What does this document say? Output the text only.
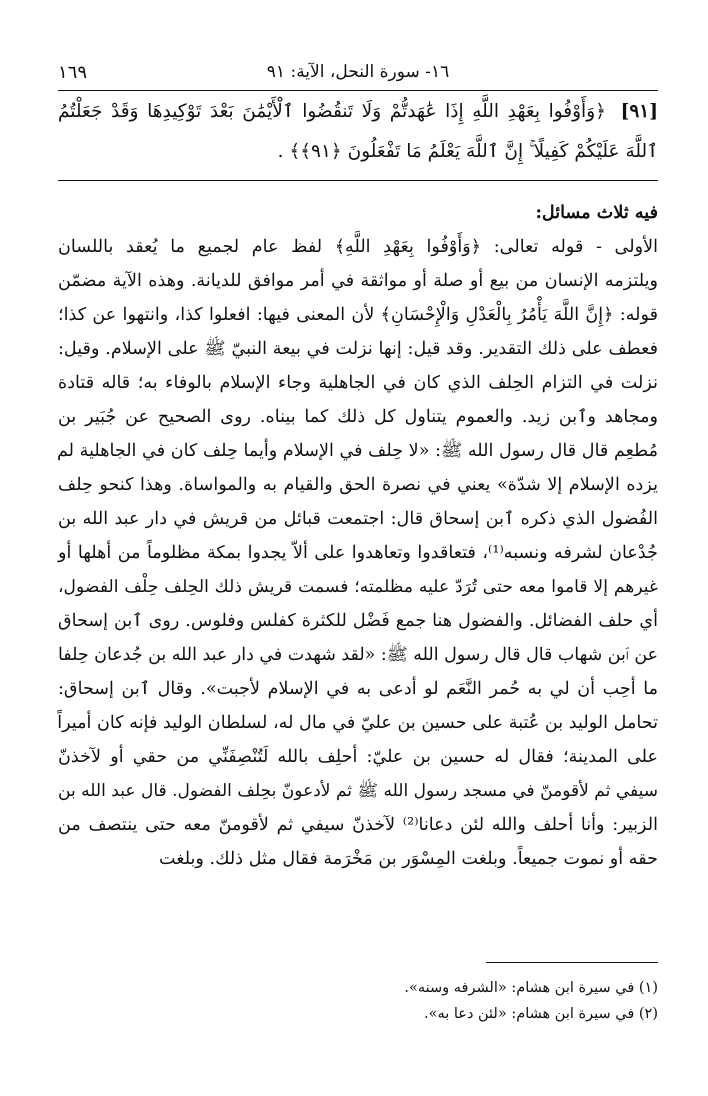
١٦- سورة النحل، الآية: ٩١
١٦٩
[٩١] ﴿وَأَوْفُوا بِعَهْدِ اللَّهِ إِذَا عَٰهَدتُّمْ وَلَا تَنقُضُوا ٱلْأَيْمَٰنَ بَعْدَ تَوْكِيدِهَا وَقَدْ جَعَلْتُمُ ٱللَّهَ عَلَيْكُمْ كَفِيلًا ۚ إِنَّ ٱللَّهَ يَعْلَمُ مَا تَفْعَلُونَ ﴿٩١﴾﴾ .
فيه ثلاث مسائل:
الأولى - قوله تعالى: ﴿وَأَوْفُوا بِعَهْدِ اللَّهِ﴾ لفظ عام لجميع ما يُعقد باللسان
ويلتزمه الإنسان من بيع أو صلة أو مواثقة في أمر موافق للديانة. وهذه الآية مضمّن
قوله: ﴿إِنَّ اللَّهَ يَأْمُرُ بِالْعَدْلِ وَالْإِحْسَانِ﴾ لأن المعنى فيها: افعلوا كذا، وانتهوا عن كذا؛
فعطف على ذلك التقدير. وقد قيل: إنها نزلت في بيعة النبيّ ﷺ على الإسلام. وقيل:
نزلت في التزام الحِلف الذي كان في الجاهلية وجاء الإسلام بالوفاء به؛ قاله قتادة
ومجاهد وٱبن زيد. والعموم يتناول كل ذلك كما بيناه. روى الصحيح عن جُبَير بن
مُطعِم قال قال رسول الله ﷺ: «لا حِلف في الإسلام وأيما حِلف كان في الجاهلية لم
يزده الإسلام إلا شدّة» يعني في نصرة الحق والقيام به والمواساة. وهذا كنحو حِلف
الفُضول الذي ذكره ٱبن إسحاق قال: اجتمعت قبائل من قريش في دار عبد الله بن
جُدْعان لشرفه ونسبه⁽¹⁾، فتعاقدوا وتعاهدوا على ألاّ يجدوا بمكة مظلوماً من أهلها أو
غيرهم إلا قاموا معه حتى تُرَدّ عليه مظلمته؛ فسمت قريش ذلك الحِلف حِلْف الفضول،
أي حلف الفضائل. والفضول هنا جمع فَضْل للكثرة كفلس وفلوس. روى ٱبن إسحاق
عن ٱبن شهاب قال قال رسول الله ﷺ: «لقد شهدت في دار عبد الله بن جُدعان حِلفا
ما أحِب أن لي به حُمر النَّعَم لو أدعى به في الإسلام لأجبت». وقال ٱبن إسحاق:
تحامل الوليد بن عُتبة على حسين بن عليّ في مال له، لسلطان الوليد فإنه كان أميراً
على المدينة؛ فقال له حسين بن عليّ: أحلِف بالله لَتُنْصِفَنِّي من حقي أو لآخذنّ
سيفي ثم لأقومنّ في مسجد رسول الله ﷺ ثم لأدعونّ بحِلف الفضول. قال عبد الله بن
الزبير: وأنا أحلف والله لئن دعانا⁽²⁾ لآخذنّ سيفي ثم لأقومنّ معه حتى ينتصف من
حقه أو نموت جميعاً. وبلغت المِسْوَر بن مَخْرَمة فقال مثل ذلك. وبلغت
(١) في سيرة ابن هشام: «الشرفه وسنه».
(٢) في سيرة ابن هشام: «لئن دعا به».
